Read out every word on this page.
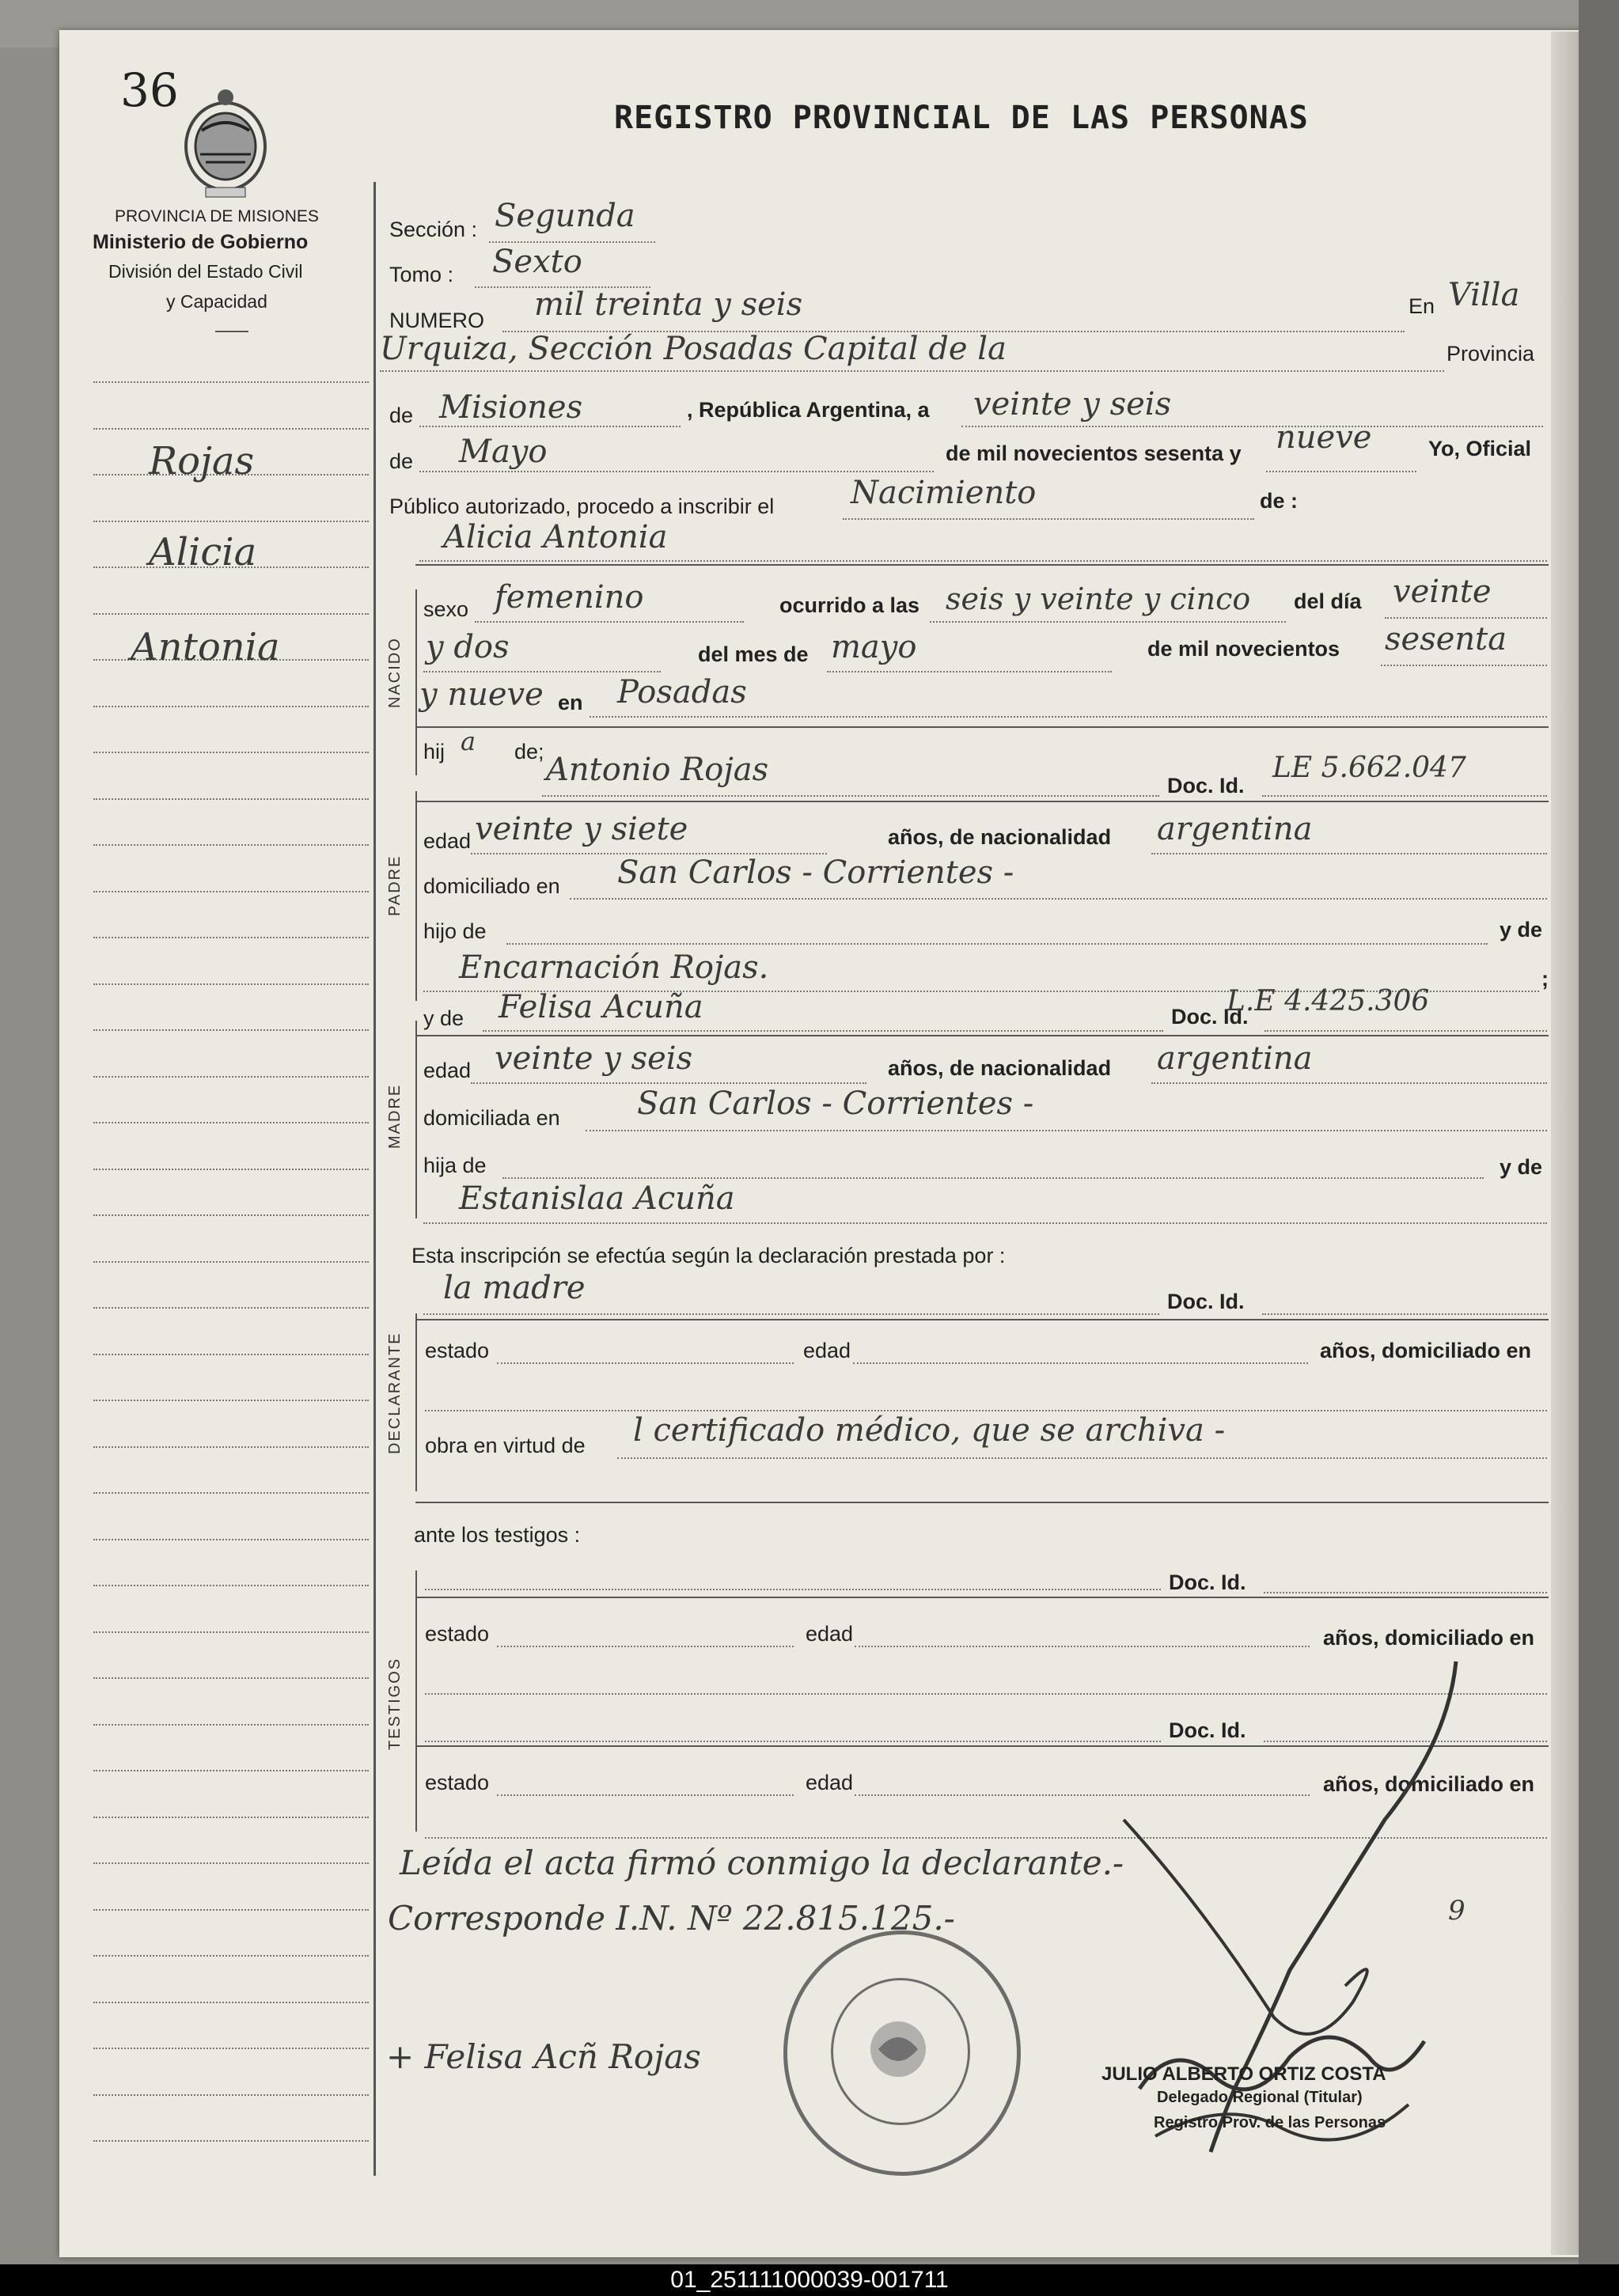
36
REGISTRO PROVINCIAL DE LAS PERSONAS
PROVINCIA DE MISIONES
Ministerio de Gobierno
División del Estado Civil
y Capacidad
Rojas
Alicia
Antonia	NACIDO
PADRE
MADRE
DECLARANTE
TESTIGOS
Sección : Segunda
Tomo : Sexto
NUMERO mil treinta y seis	En Villa
Urquiza, Sección Posadas Capital de la	Provincia
de Misiones	, República Argentina, a veinte y seis
de Mayo	de mil novecientos sesenta y nueve	Yo, Oficial
Público autorizado, procedo a inscribir el Nacimiento	de :
Alicia Antonia
sexo femenino	ocurrido a las seis y veinte y cinco del día veinte
y dos	del mes de mayo	de mil novecientos sesenta
y nueve en Posadas
hij a de; Antonio Rojas	Doc. Id.
LE 5.662.047
edad veinte y siete	años, de nacionalidad argentina
domiciliado en San Carlos - Corrientes -
hijo de	y de
Encarnación Rojas.	;
y de Felisa Acuña	Doc. Id.
L.E 4.425.306
edad veinte y seis	años, de nacionalidad argentina
domiciliada en San Carlos - Corrientes -
hija de	y de
Estanislaa Acuña
Esta inscripción se efectúa según la declaración prestada por :
la madre	Doc. Id.
estado	edad	años, domiciliado en
obra en virtud de l certificado médico, que se archiva -
ante los testigos :
Doc. Id.
estado	edad	años, domiciliado en
Doc. Id.
estado	edad	años, domiciliado en
Leída el acta firmó conmigo la declarante.-
Corresponde I.N. Nº 22.815.125.-	9
+ Felisa Acñ Rojas	JULIO ALBERTO ORTIZ COSTA
Delegado Regional (Titular)
Registro Prov. de las Personas
01_251111000039-001711
